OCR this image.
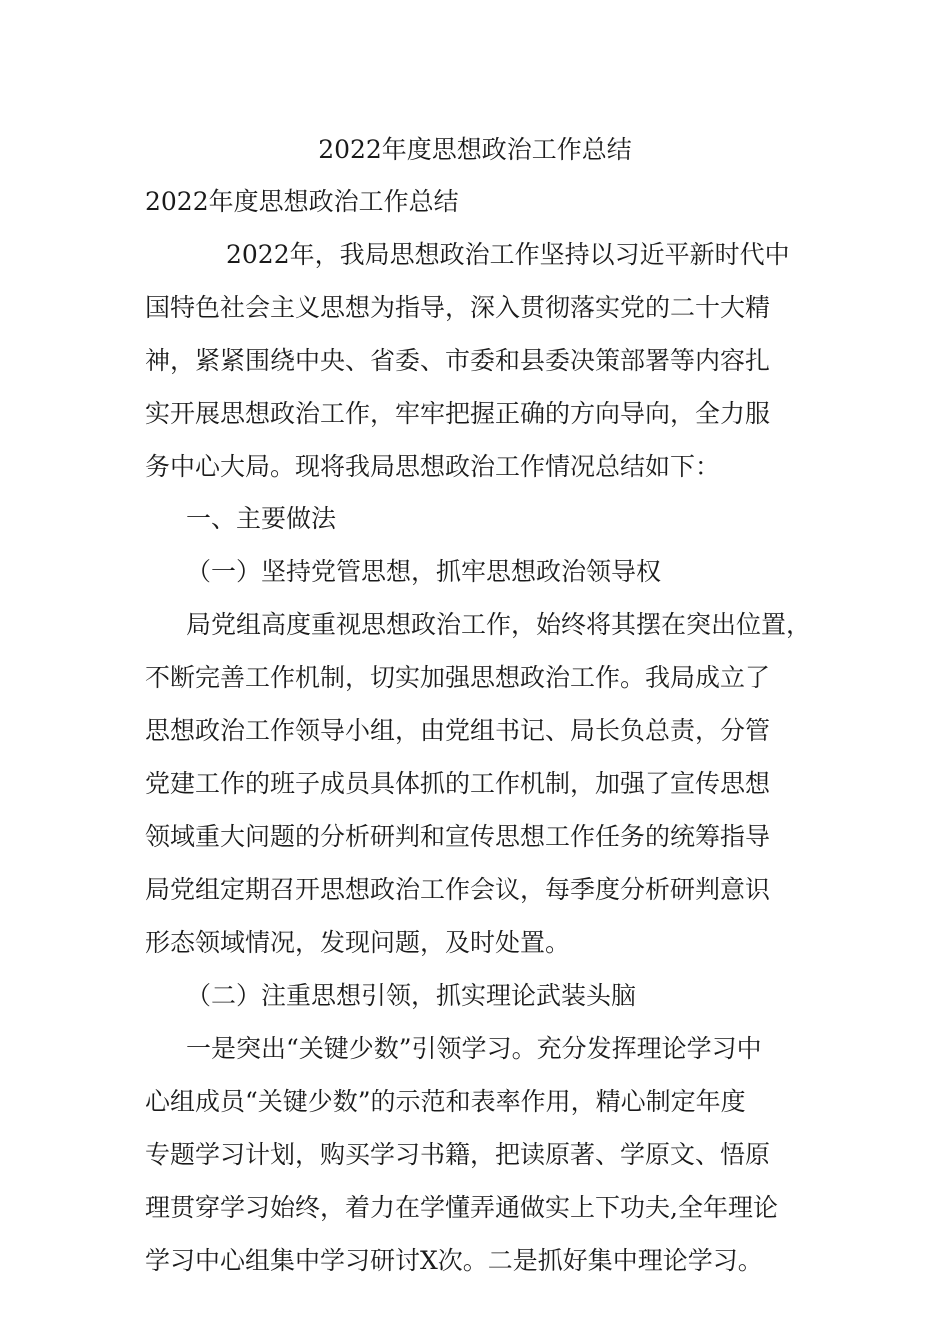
2022年度思想政治工作总结
2022年度思想政治工作总结
2022年，我局思想政治工作坚持以习近平新时代中
国特色社会主义思想为指导，深入贯彻落实党的二十大精
神，紧紧围绕中央、省委、市委和县委决策部署等内容扎
实开展思想政治工作，牢牢把握正确的方向导向，全力服
务中心大局。现将我局思想政治工作情况总结如下：
一、主要做法
（一）坚持党管思想，抓牢思想政治领导权
局党组高度重视思想政治工作，始终将其摆在突出位置，
不断完善工作机制，切实加强思想政治工作。我局成立了
思想政治工作领导小组，由党组书记、局长负总责，分管
党建工作的班子成员具体抓的工作机制，加强了宣传思想
领域重大问题的分析研判和宣传思想工作任务的统筹指导
局党组定期召开思想政治工作会议，每季度分析研判意识
形态领域情况，发现问题，及时处置。
（二）注重思想引领，抓实理论武装头脑
一是突出“关键少数”引领学习。充分发挥理论学习中
心组成员“关键少数”的示范和表率作用，精心制定年度
专题学习计划，购买学习书籍，把读原著、学原文、悟原
理贯穿学习始终，着力在学懂弄通做实上下功夫,全年理论
学习中心组集中学习研讨X次。二是抓好集中理论学习。
